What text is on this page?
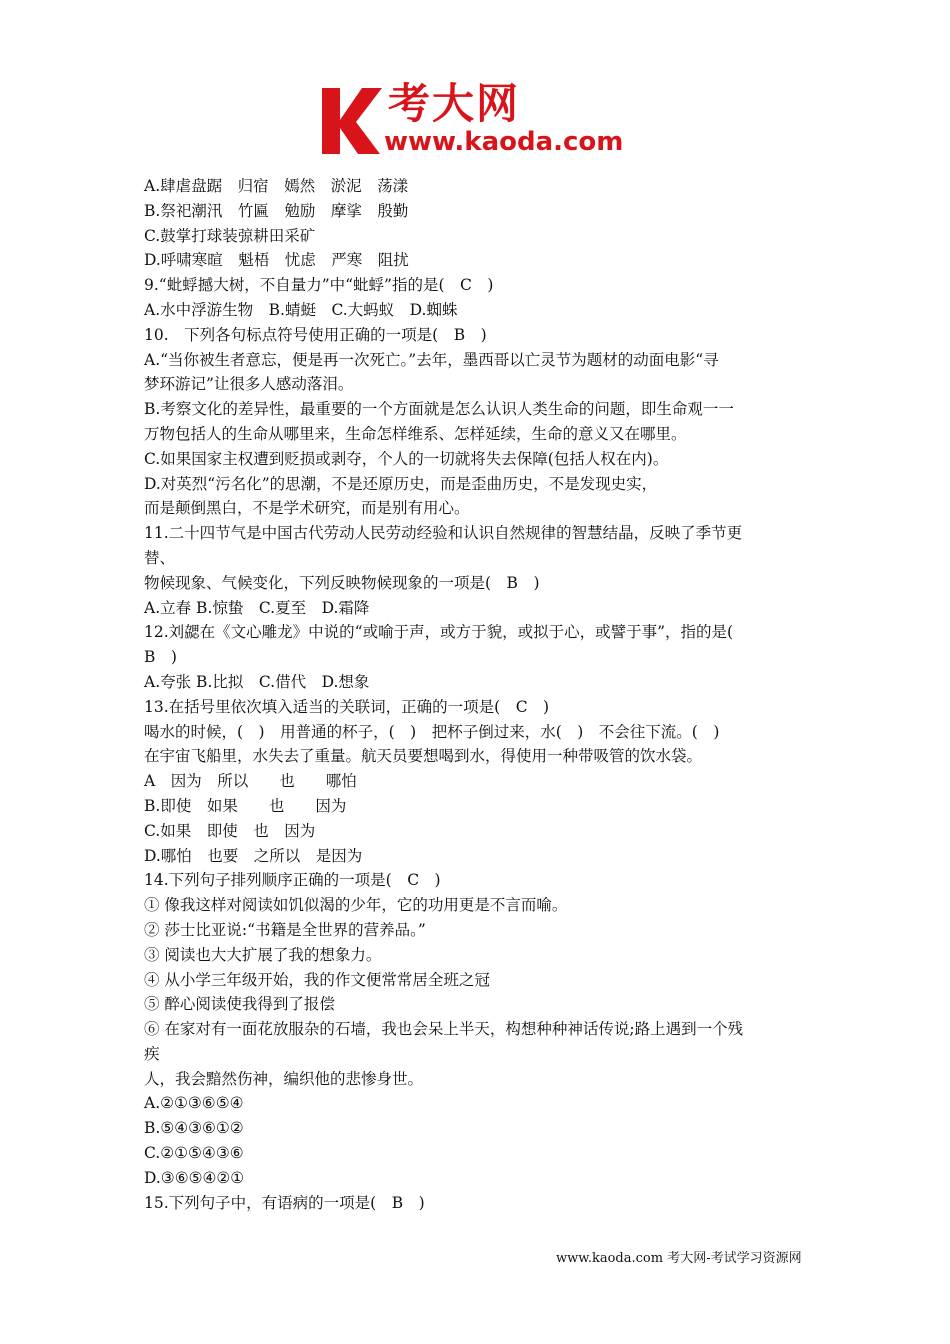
考大网
www.kaoda.com
A.肆虐盘踞　归宿　嫣然　淤泥　荡漾
B.祭祀潮汛　竹匾　勉励　摩挲　殷勤
C.鼓掌打球装弶耕田采矿
D.呼啸寒暄　魁梧　忧虑　严寒　阻扰
9.“蚍蜉撼大树，不自量力”中“蚍蜉”指的是(　C　)
A.水中浮游生物　B.蜻蜓　C.大蚂蚁　D.蜘蛛
10.　下列各句标点符号使用正确的一项是(　B　)
A.“当你被生者意忘，便是再一次死亡。”去年，墨西哥以亡灵节为题材的动面电影“寻
梦环游记”让很多人感动落泪。
B.考察文化的差异性，最重要的一个方面就是怎么认识人类生命的问题，即生命观一一
万物包括人的生命从哪里来，生命怎样维系、怎样延续，生命的意义又在哪里。
C.如果国家主权遭到贬损或剥夺，个人的一切就将失去保障(包括人权在内)。
D.对英烈“污名化”的思潮，不是还原历史，而是歪曲历史，不是发现史实，
而是颠倒黑白，不是学术研究，而是别有用心。
11.二十四节气是中国古代劳动人民劳动经验和认识自然规律的智慧结晶，反映了季节更
替、
物候现象、气候变化，下列反映物候现象的一项是(　B　)
A.立春 B.惊蛰　C.夏至　D.霜降
12.刘勰在《文心雕龙》中说的“或喻于声，或方于貌，或拟于心，或譬于事”，指的是(
B　)
A.夸张 B.比拟　C.借代　D.想象
13.在括号里依次填入适当的关联词，正确的一项是(　C　)
喝水的时候，(　)　用普通的杯子，(　)　把杯子倒过来，水(　)　不会往下流。(　)
在宇宙飞船里，水失去了重量。航天员要想喝到水，得使用一种带吸管的饮水袋。
A　因为　所以　　也　　哪怕
B.即使　如果　　也　　因为
C.如果　即使　也　因为
D.哪怕　也要　之所以　是因为
14.下列句子排列顺序正确的一项是(　C　)
① 像我这样对阅读如饥似渴的少年，它的功用更是不言而喻。
② 莎士比亚说:“书籍是全世界的营养品。”
③ 阅读也大大扩展了我的想象力。
④ 从小学三年级开始，我的作文便常常居全班之冠
⑤ 醉心阅读使我得到了报偿
⑥ 在家对有一面花放服杂的石墙，我也会呆上半天，构想种种神话传说;路上遇到一个残
疾
人，我会黯然伤神，编织他的悲惨身世。
A.②①③⑥⑤④
B.⑤④③⑥①②
C.②①⑤④③⑥
D.③⑥⑤④②①
15.下列句子中，有语病的一项是(　B　)
www.kaoda.com 考大网-考试学习资源网
